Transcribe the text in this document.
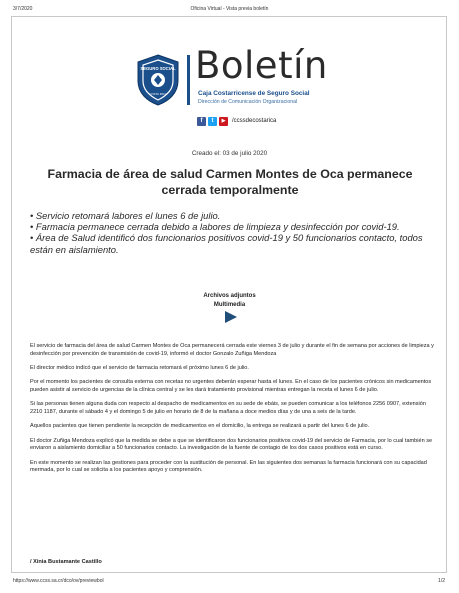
3/7/2020	Oficina Virtual - Vista previa boletín
SEGURO SOCIAL
COSTA RICA
Boletín
Caja Costarricense de Seguro Social
Dirección de Comunicación Organizacional
f	t	▶	/ccssdecostarica
Creado el: 03 de julio 2020
Farmacia de área de salud Carmen Montes de Oca permanece cerrada temporalmente
• Servicio retomará labores el lunes 6 de julio.
• Farmacia permanece cerrada debido a labores de limpieza y desinfección por covid-19.
• Área de Salud identificó dos funcionarios positivos covid-19 y 50 funcionarios contacto, todos están en aislamiento.
Archivos adjuntos
Multimedia

El servicio de farmacia del área de salud Carmen Montes de Oca permanecerá cerrada este viernes 3 de julio y durante el fin de semana por acciones de limpieza y desinfección por prevención de transmisión de covid-19, informó el doctor Gonzalo Zuñiga Mendoza

El director médico indicó que el servicio de farmacia retomará el próximo lunes 6 de julio.

Por el momento los pacientes de consulta externa con recetas no urgentes deberán esperar hasta el lunes. En el caso de los pacientes crónicos sin medicamentos pueden asistir al servicio de urgencias de la clínica central y se les dará tratamiento provisional mientras entregan la receta el lunes 6 de julio.

Si las personas tienen alguna duda con respecto al despacho de medicamentos en su sede de ebáis, se pueden comunicar a los teléfonos 2256 0907, extensión 2210 1187, durante el sábado 4 y el domingo 5 de julio en horario de 8 de la mañana a doce medios días y de una a seis de la tarde.

Aquellos pacientes que tienen pendiente la recepción de medicamentos en el domicilio, la entrega se realizará a partir del lunes 6 de julio.

El doctor Zuñiga Mendoza explicó que la medida se debe a que se identificaron dos funcionarios positivos covid-19 del servicio de Farmacia, por lo cual también se enviaron a aislamiento domiciliar a 50 funcionarios contacto. La investigación de la fuente de contagio de los dos casos positivos está en curso.

En este momento se realizan las gestiones para proceder con la sustitución de personal. En las siguientes dos semanas la farmacia funcionará con su capacidad mermada, por lo cual se solicita a los pacientes apoyo y comprensión.

/ Xinia Bustamante Castillo
https://www.ccss.sa.cr/dco/ov/previewbol	1/2
